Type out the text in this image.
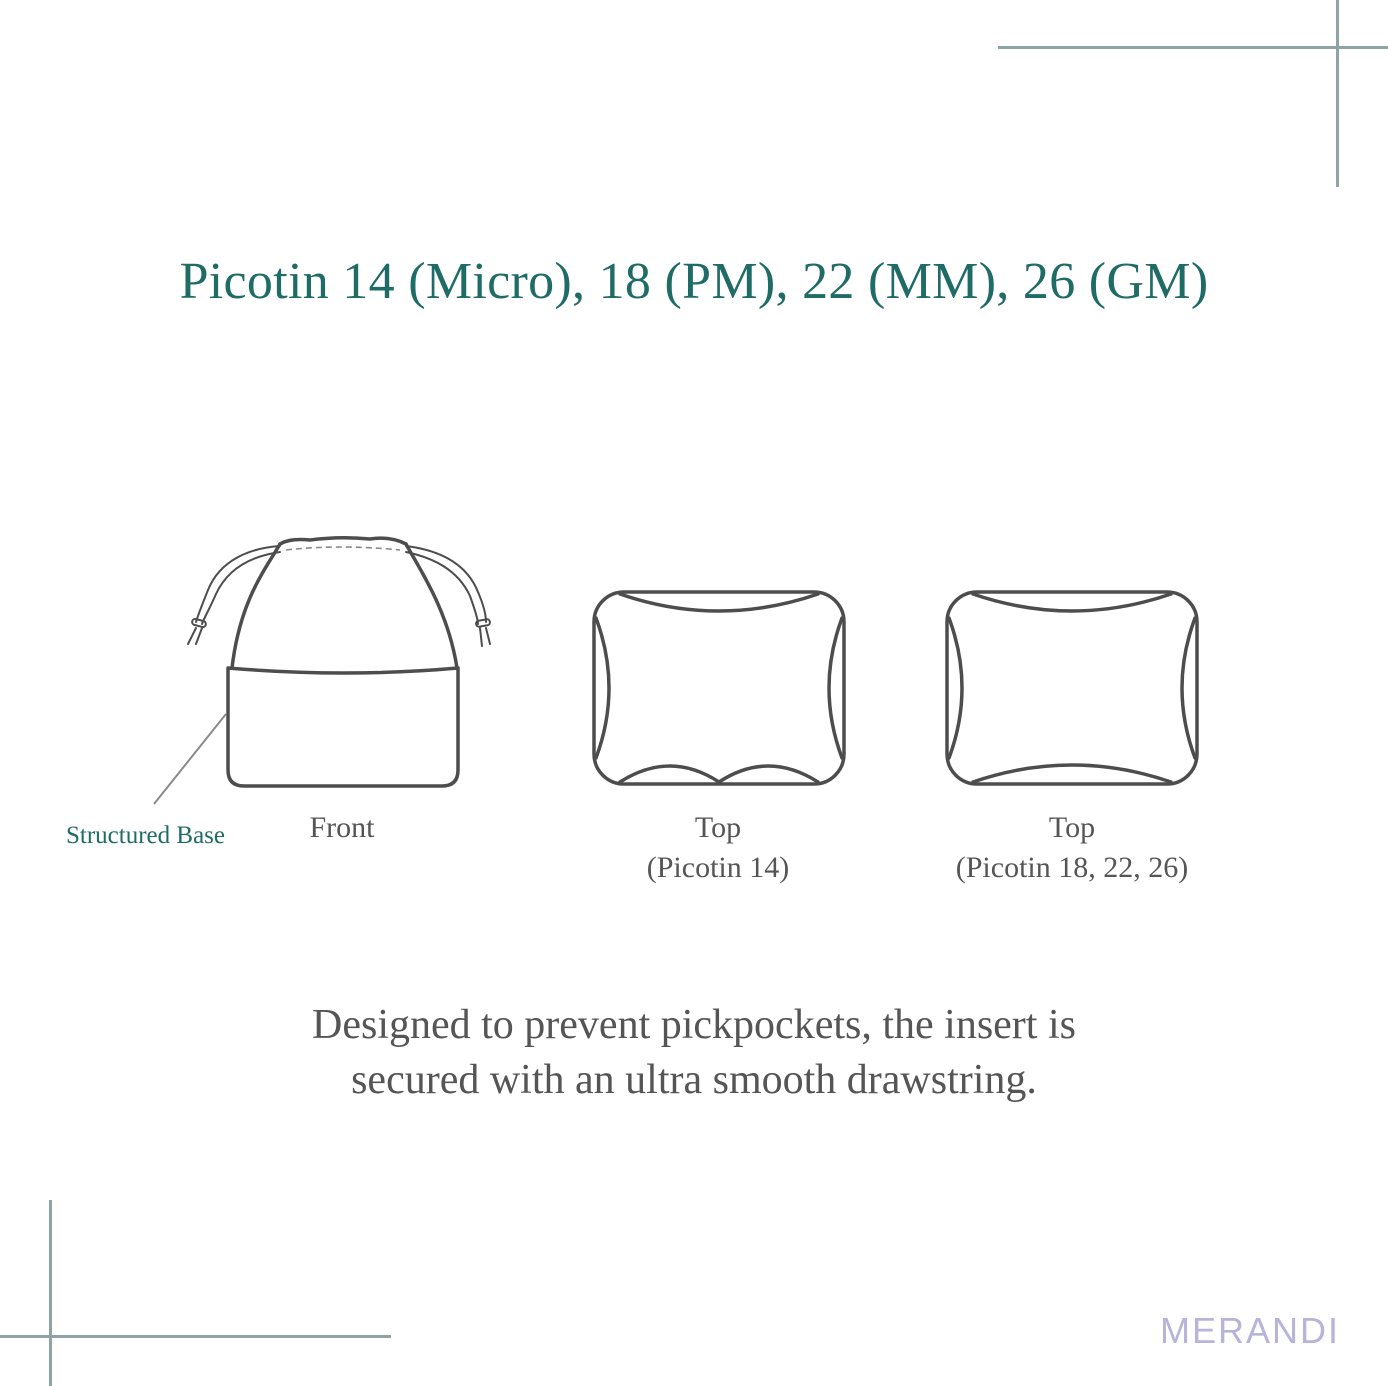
Picotin 14 (Micro), 18 (PM), 22 (MM), 26 (GM)
Structured Base	Front	Top
(Picotin 14)
Top
(Picotin 18, 22, 26)
Designed to prevent pickpockets, the insert is
secured with an ultra smooth drawstring.
MERANDI
